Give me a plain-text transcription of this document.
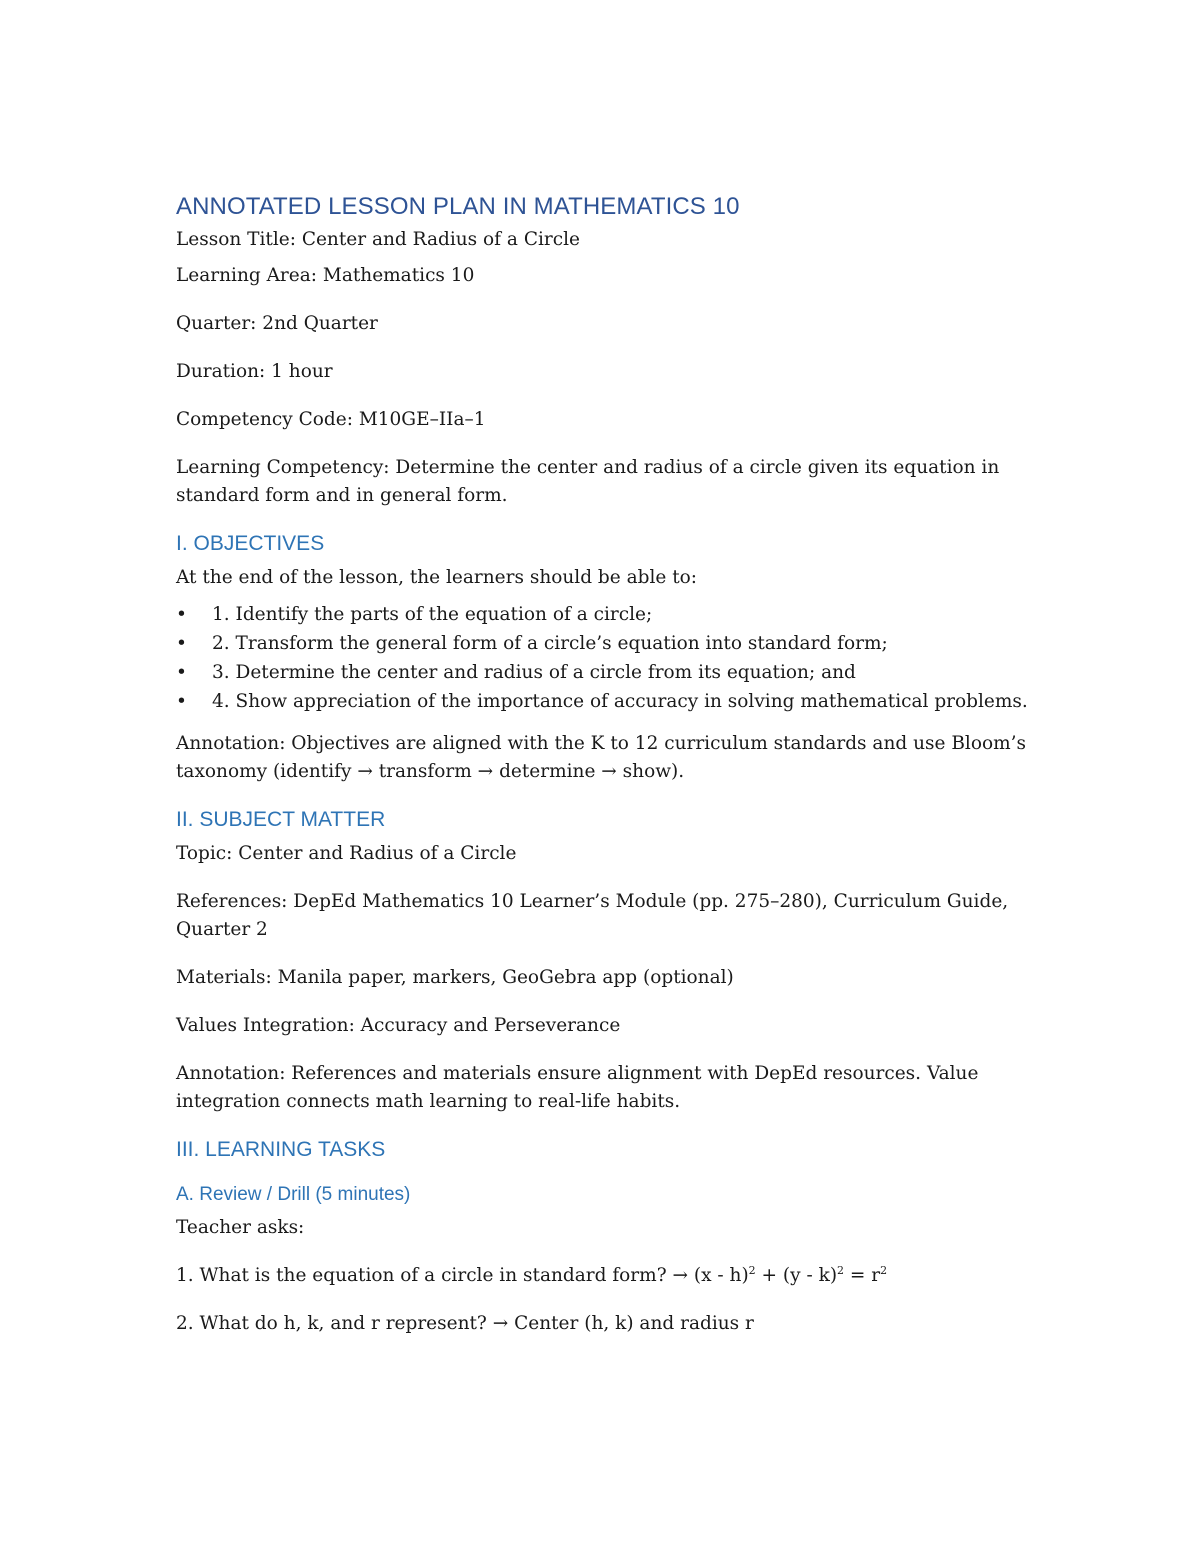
ANNOTATED LESSON PLAN IN MATHEMATICS 10

Lesson Title: Center and Radius of a Circle

Learning Area: Mathematics 10

Quarter: 2nd Quarter

Duration: 1 hour

Competency Code: M10GE–IIa–1

Learning Competency: Determine the center and radius of a circle given its equation in standard form and in general form.

I. OBJECTIVES

At the end of the lesson, the learners should be able to:

• 1. Identify the parts of the equation of a circle;
• 2. Transform the general form of a circle’s equation into standard form;
• 3. Determine the center and radius of a circle from its equation; and
• 4. Show appreciation of the importance of accuracy in solving mathematical problems.

Annotation: Objectives are aligned with the K to 12 curriculum standards and use Bloom’s taxonomy (identify → transform → determine → show).

II. SUBJECT MATTER

Topic: Center and Radius of a Circle

References: DepEd Mathematics 10 Learner’s Module (pp. 275–280), Curriculum Guide, Quarter 2

Materials: Manila paper, markers, GeoGebra app (optional)

Values Integration: Accuracy and Perseverance

Annotation: References and materials ensure alignment with DepEd resources. Value integration connects math learning to real-life habits.

III. LEARNING TASKS
A. Review / Drill (5 minutes)

Teacher asks:

1. What is the equation of a circle in standard form? → $(x - h)^2 + (y - k)^2 = r^2$

2. What do h, k, and r represent? → Center (h, k) and radius r
